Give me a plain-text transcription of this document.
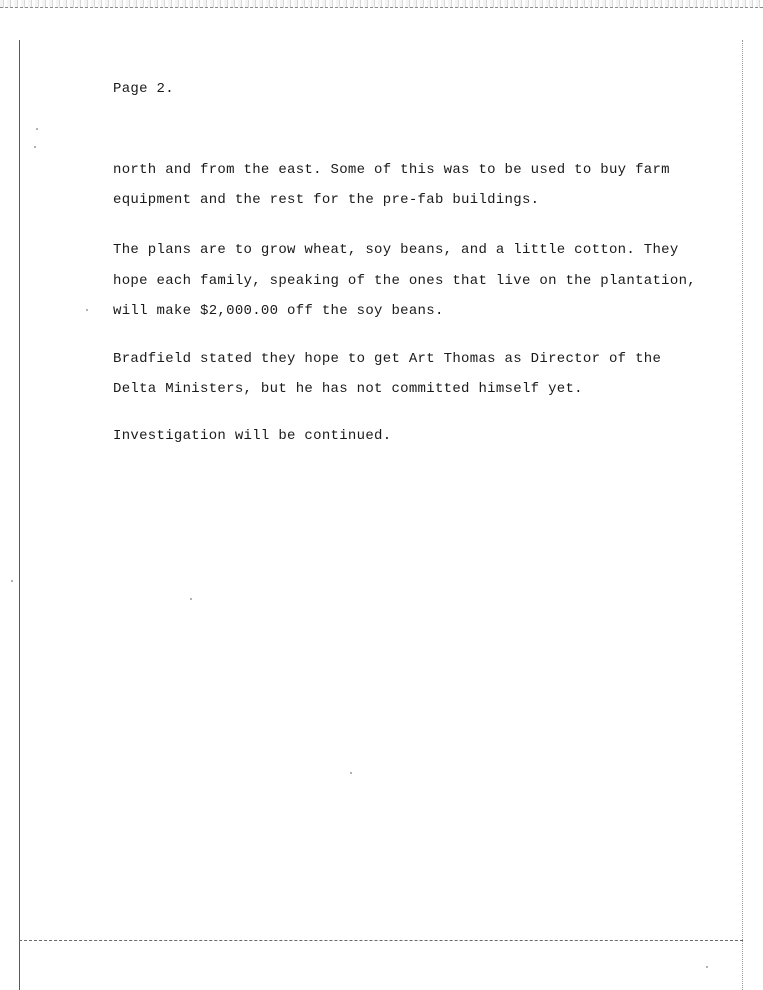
Page 2.

north and from the east. Some of this was to be used to buy farm

equipment and the rest for the pre-fab buildings.

The plans are to grow wheat, soy beans, and a little cotton. They

hope each family, speaking of the ones that live on the plantation,

will make $2,000.00 off the soy beans.

Bradfield stated they hope to get Art Thomas as Director of the

Delta Ministers, but he has not committed himself yet.

Investigation will be continued.
